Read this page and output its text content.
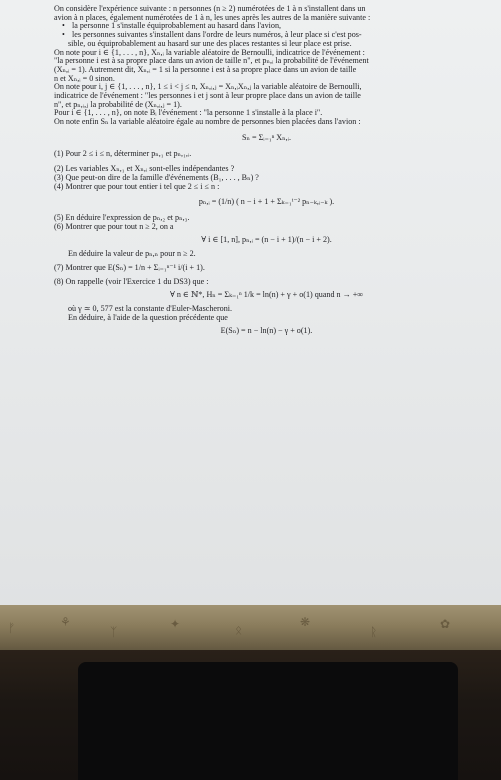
On considère l'expérience suivante : n personnes (n ≥ 2) numérotées de 1 à n s'installent dans un

avion à n places, également numérotées de 1 à n, les unes après les autres de la manière suivante :

• la personne 1 s'installe équiprobablement au hasard dans l'avion,

• les personnes suivantes s'installent dans l'ordre de leurs numéros, à leur place si c'est pos-

sible, ou équiprobablement au hasard sur une des places restantes si leur place est prise.

On note pour i ∈ {1, . . . , n}, Xₙ,ᵢ la variable aléatoire de Bernoulli, indicatrice de l'événement :

"la personne i est à sa propre place dans un avion de taille n", et pₙ,ᵢ la probabilité de l'événement

(Xₙ,ᵢ = 1). Autrement dit, Xₙ,ᵢ = 1 si la personne i est à sa propre place dans un avion de taille

n et Xₙ,ᵢ = 0 sinon.

On note pour i, j ∈ {1, . . . , n}, 1 ≤ i < j ≤ n, Xₙ,ᵢ,ⱼ = Xₙ,ᵢXₙ,ⱼ la variable aléatoire de Bernoulli,

indicatrice de l'événement : "les personnes i et j sont à leur propre place dans un avion de taille

n", et pₙ,ᵢ,ⱼ la probabilité de (Xₙ,ᵢ,ⱼ = 1).

Pour i ∈ {1, . . . , n}, on note Bᵢ l'événement : "la personne 1 s'installe à la place i".

On note enfin Sₙ la variable aléatoire égale au nombre de personnes bien placées dans l'avion :

Sₙ = Σᵢ₌₁ⁿ Xₙ,ᵢ.

(1) Pour 2 ≤ i ≤ n, déterminer pₙ,₁ et pₙ,₁,ᵢ.

(2) Les variables Xₙ,₁ et Xₙ,ᵢ sont-elles indépendantes ?

(3) Que peut-on dire de la famille d'événements (B₁, . . . , Bₙ) ?

(4) Montrer que pour tout entier i tel que 2 ≤ i ≤ n :

pₙ,ᵢ = (1/n) ( n − i + 1 + Σₖ₌₁ⁱ⁻² pₙ₋ₖ,ᵢ₋ₖ ).

(5) En déduire l'expression de pₙ,₂ et pₙ,₃.

(6) Montrer que pour tout n ≥ 2, on a

∀ i ∈ [1, n], pₙ,ᵢ = (n − i + 1)/(n − i + 2).

En déduire la valeur de pₙ,ₙ pour n ≥ 2.

(7) Montrer que E(Sₙ) = 1/n + Σᵢ₌₁ⁿ⁻¹ i/(i + 1).

(8) On rappelle (voir l'Exercice 1 du DS3) que :

∀ n ∈ ℕ*, Hₙ = Σₖ₌₁ⁿ 1/k = ln(n) + γ + o(1) quand n → +∞

où γ ≃ 0, 577 est la constante d'Euler-Mascheroni.

En déduire, à l'aide de la question précédente que

E(Sₙ) = n − ln(n) − γ + o(1).

ᚠ	⚘
ᛉ
✦	ᛟ
❋
ᚱ
✿
